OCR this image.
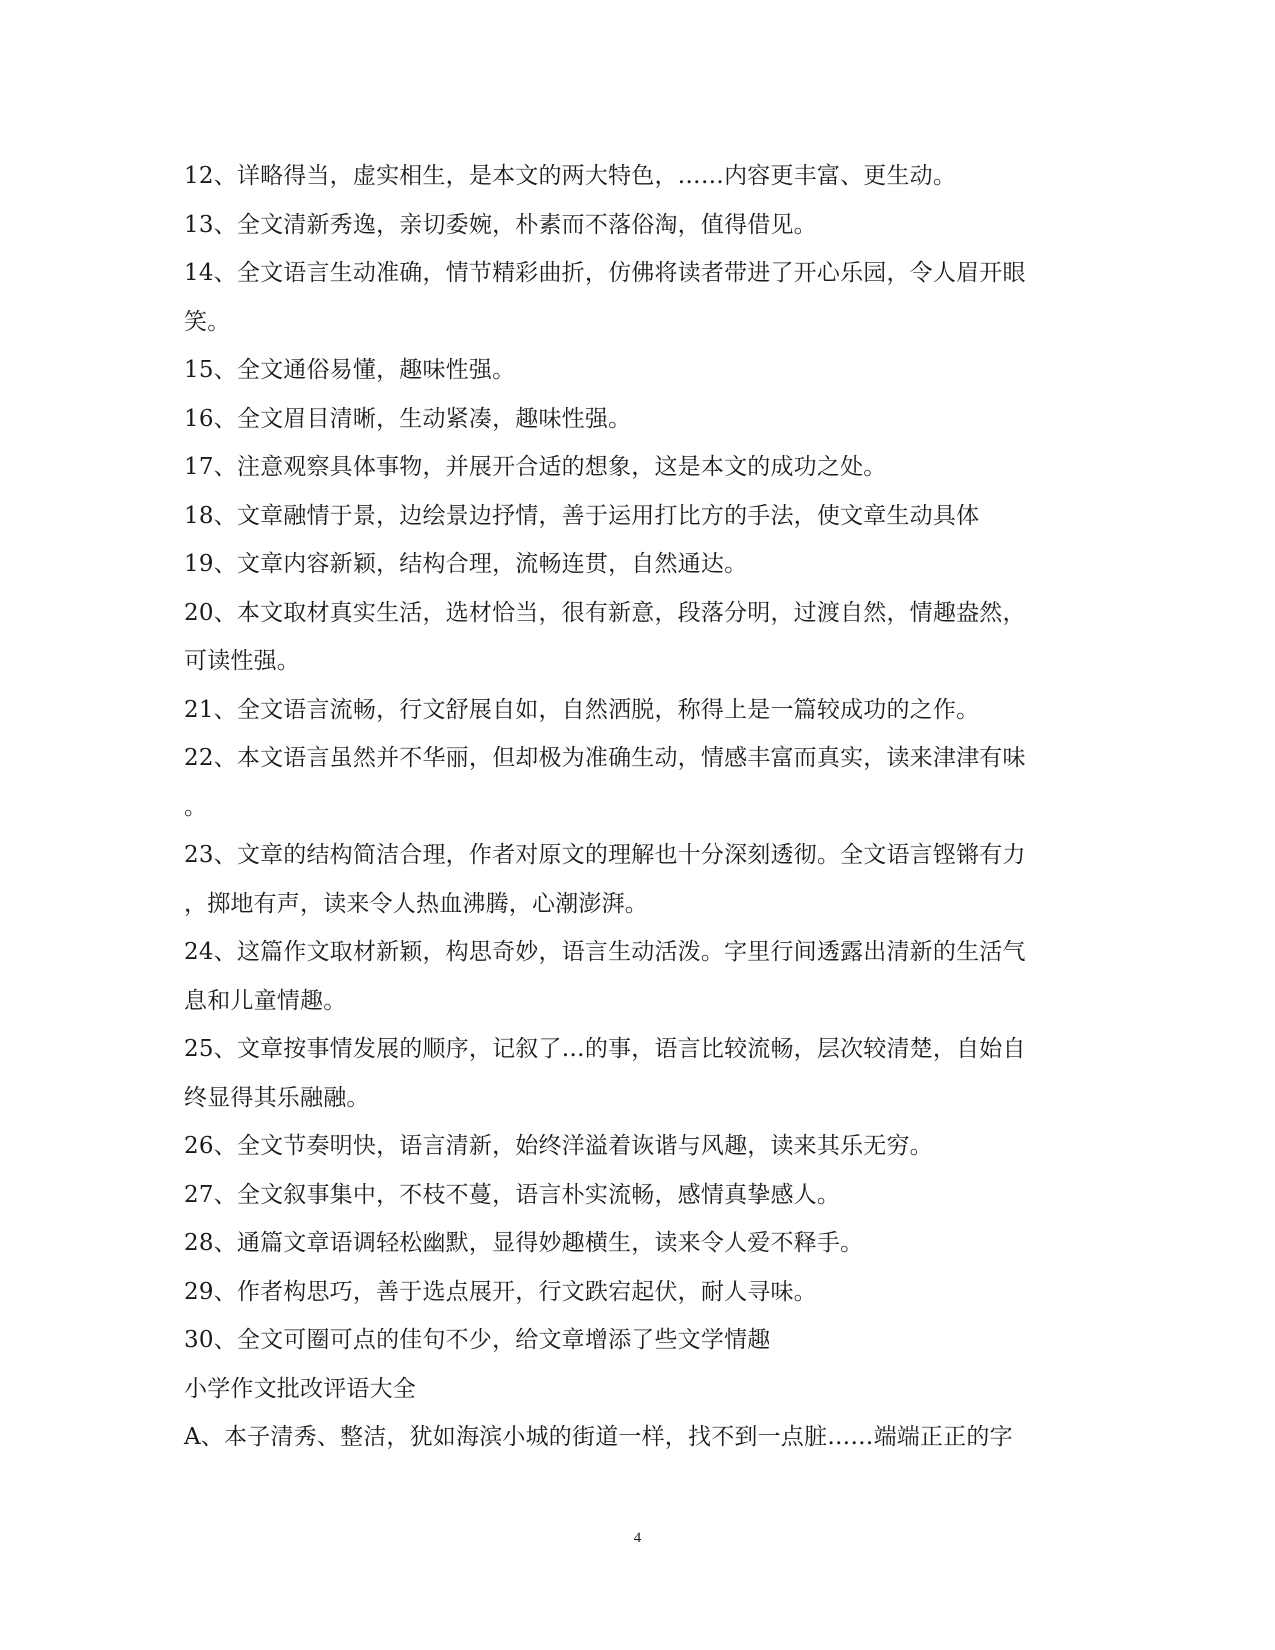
12、详略得当，虚实相生，是本文的两大特色，……内容更丰富、更生动。
13、全文清新秀逸，亲切委婉，朴素而不落俗淘，值得借见。
14、全文语言生动准确，情节精彩曲折，仿佛将读者带进了开心乐园，令人眉开眼
笑。
15、全文通俗易懂，趣味性强。
16、全文眉目清晰，生动紧凑，趣味性强。
17、注意观察具体事物，并展开合适的想象，这是本文的成功之处。
18、文章融情于景，边绘景边抒情，善于运用打比方的手法，使文章生动具体
19、文章内容新颖，结构合理，流畅连贯，自然通达。
20、本文取材真实生活，选材恰当，很有新意，段落分明，过渡自然，情趣盎然，
可读性强。
21、全文语言流畅，行文舒展自如，自然洒脱，称得上是一篇较成功的之作。
22、本文语言虽然并不华丽，但却极为准确生动，情感丰富而真实，读来津津有味
。
23、文章的结构简洁合理，作者对原文的理解也十分深刻透彻。全文语言铿锵有力
，掷地有声，读来令人热血沸腾，心潮澎湃。
24、这篇作文取材新颖，构思奇妙，语言生动活泼。字里行间透露出清新的生活气
息和儿童情趣。
25、文章按事情发展的顺序，记叙了…的事，语言比较流畅，层次较清楚，自始自
终显得其乐融融。
26、全文节奏明快，语言清新，始终洋溢着诙谐与风趣，读来其乐无穷。
27、全文叙事集中，不枝不蔓，语言朴实流畅，感情真挚感人。
28、通篇文章语调轻松幽默，显得妙趣横生，读来令人爱不释手。
29、作者构思巧，善于选点展开，行文跌宕起伏，耐人寻味。
30、全文可圈可点的佳句不少，给文章增添了些文学情趣
小学作文批改评语大全
A、本子清秀、整洁，犹如海滨小城的街道一样，找不到一点脏……端端正正的字
4
